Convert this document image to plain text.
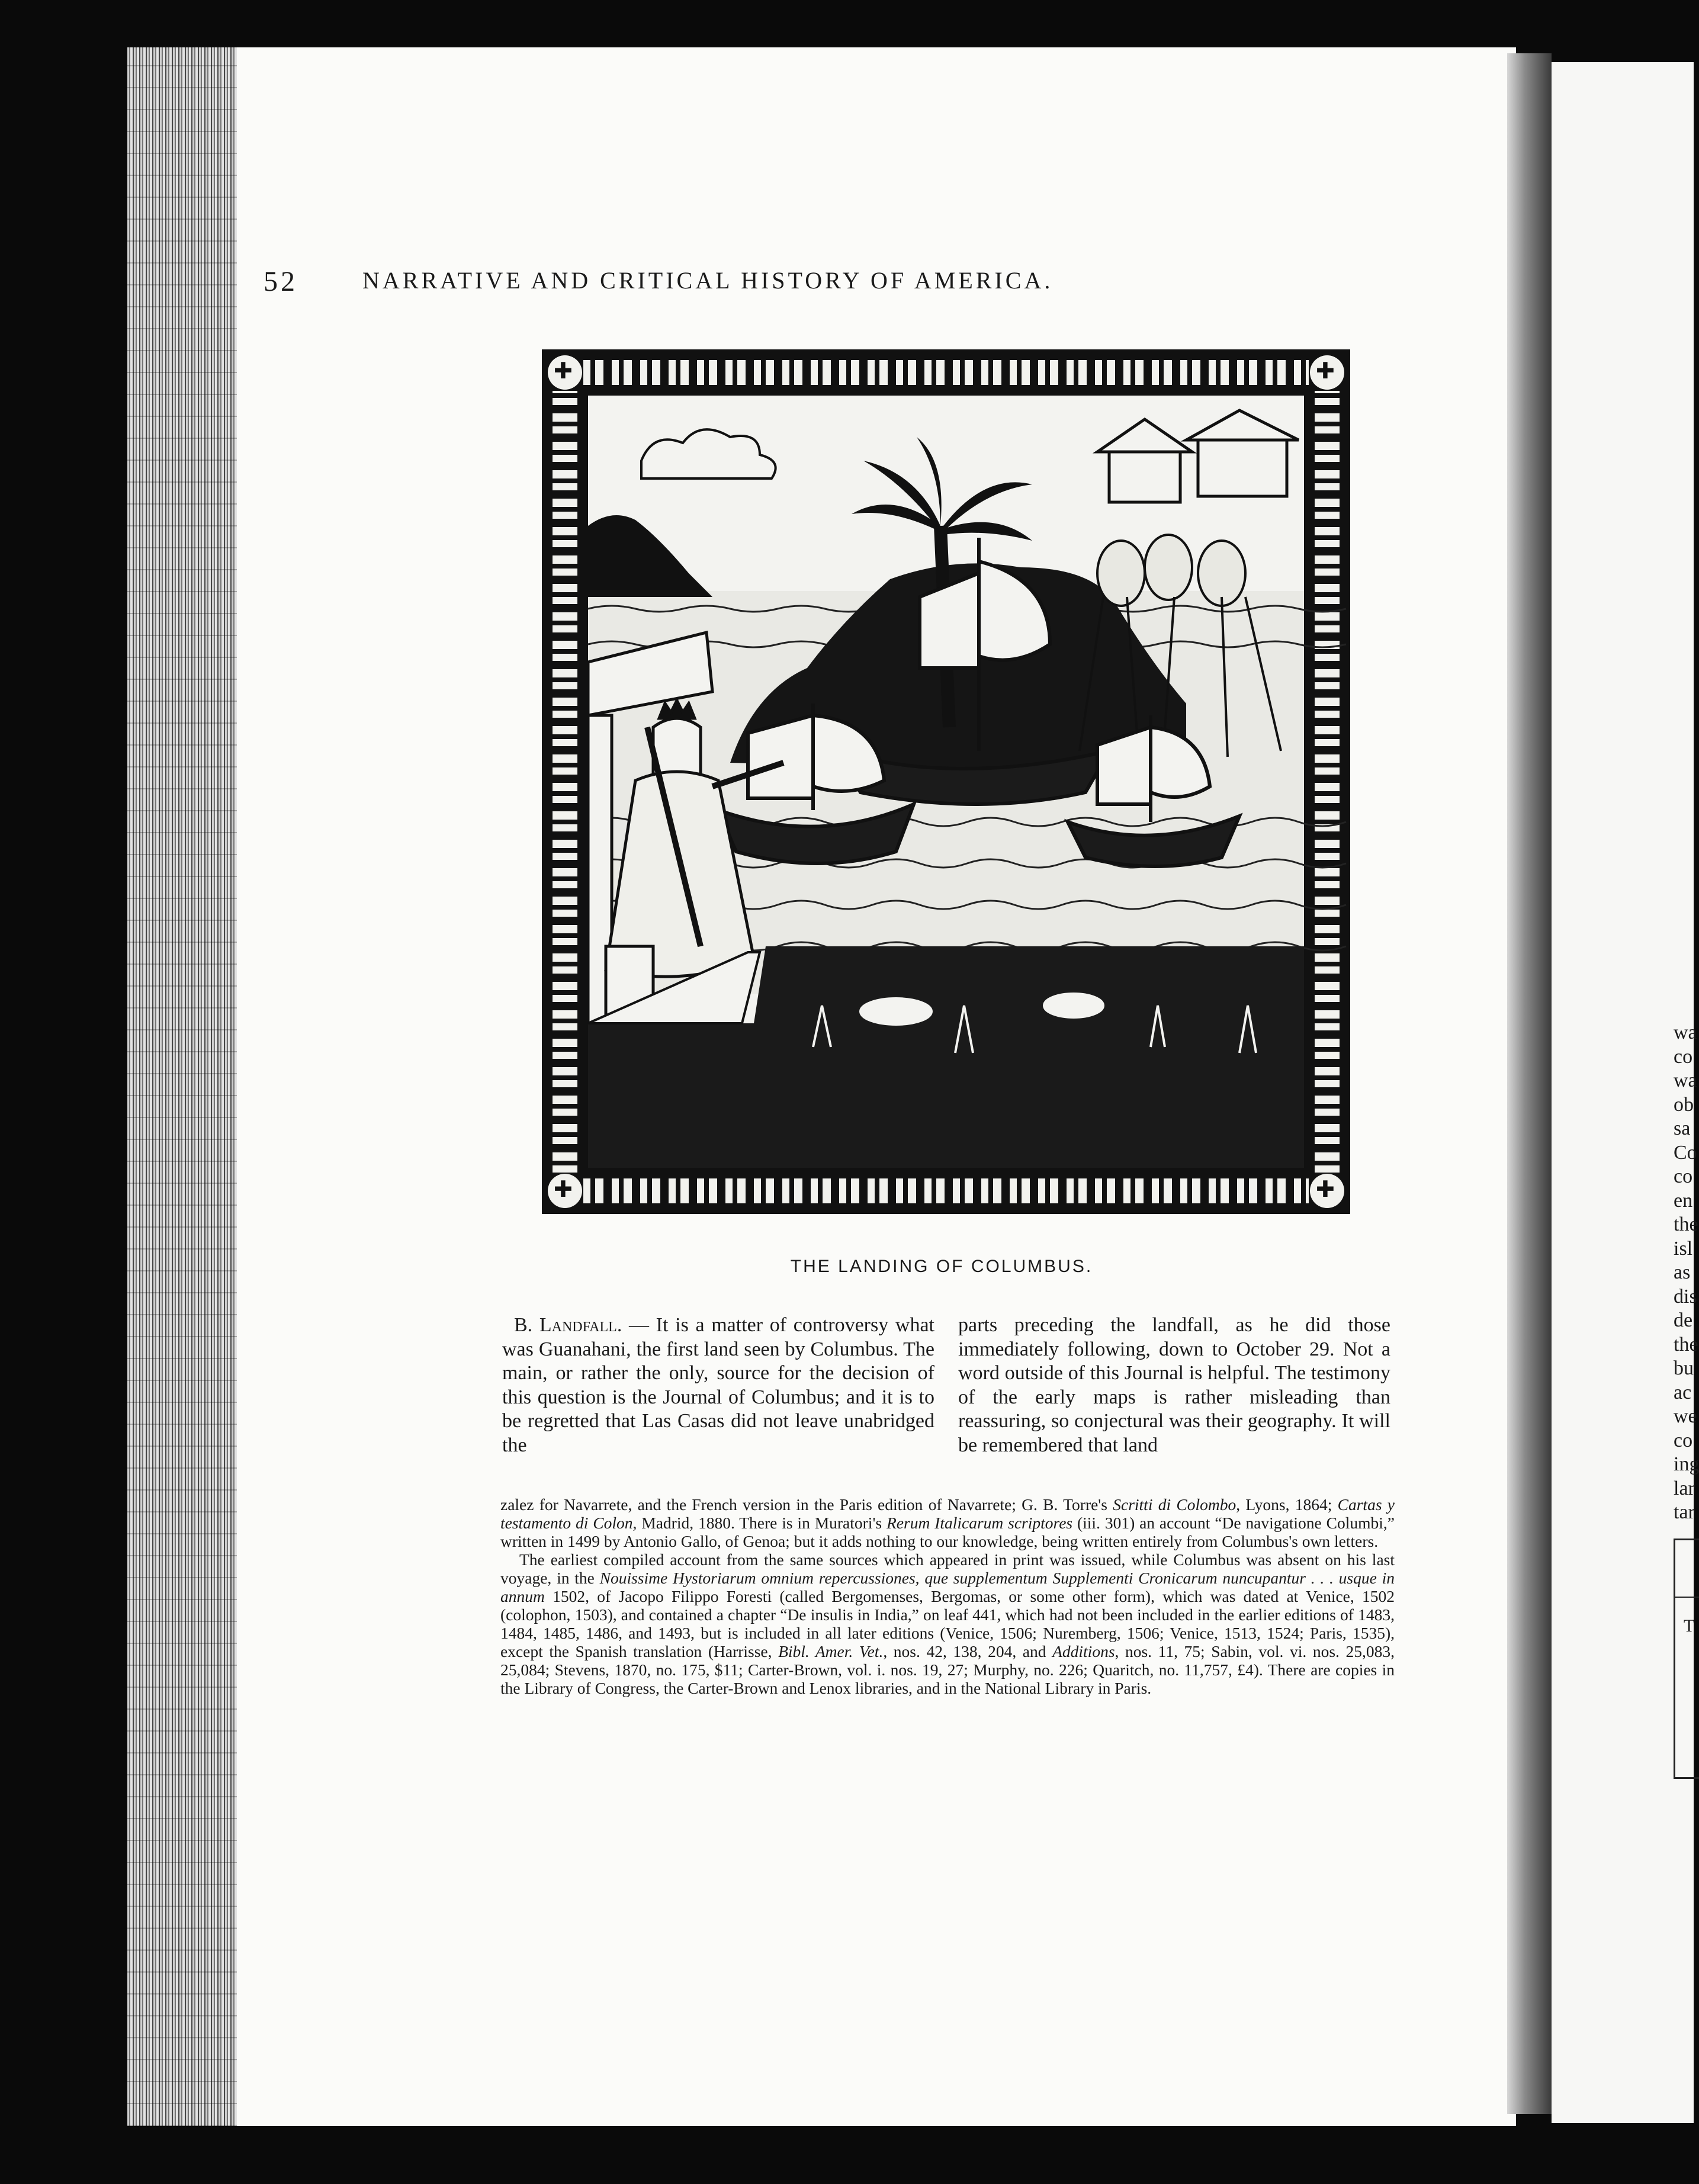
52	NARRATIVE AND CRITICAL HISTORY OF AMERICA.
✚
✚
✚
✚
THE LANDING OF COLUMBUS.

B. Landfall. — It is a matter of controversy what was Guanahani, the first land seen by Columbus. The main, or rather the only, source for the decision of this question is the Journal of Columbus; and it is to be regretted that Las Casas did not leave unabridged the

parts preceding the landfall, as he did those immediately following, down to October 29. Not a word outside of this Journal is helpful. The testimony of the early maps is rather misleading than reassuring, so conjectural was their geography. It will be remembered that land

zalez for Navarrete, and the French version in the Paris edition of Navarrete; G. B. Torre's Scritti di Colombo, Lyons, 1864; Cartas y testamento di Colon, Madrid, 1880. There is in Muratori's Rerum Italicarum scriptores (iii. 301) an account “De navigatione Columbi,” written in 1499 by Antonio Gallo, of Genoa; but it adds nothing to our knowledge, being written entirely from Columbus's own letters.

The earliest compiled account from the same sources which appeared in print was issued, while Columbus was absent on his last voyage, in the Nouissime Hystoriarum omnium repercussiones, que supplementum Supplementi Cronicarum nuncupantur . . . usque in annum 1502, of Jacopo Filippo Foresti (called Bergomenses, Bergomas, or some other form), which was dated at Venice, 1502 (colophon, 1503), and contained a chapter “De insulis in India,” on leaf 441, which had not been included in the earlier editions of 1483, 1484, 1485, 1486, and 1493, but is included in all later editions (Venice, 1506; Nuremberg, 1506; Venice, 1513, 1524; Paris, 1535), except the Spanish translation (Harrisse, Bibl. Amer. Vet., nos. 42, 138, 204, and Additions, nos. 11, 75; Sabin, vol. vi. nos. 25,083, 25,084; Stevens, 1870, no. 175, $11; Carter-Brown, vol. i. nos. 19, 27; Murphy, no. 226; Quaritch, no. 11,757, £4). There are copies in the Library of Congress, the Carter-Brown and Lenox libraries, and in the National Library in Paris.

wa
co
wa
ob
sa
Co
co
en
the
isl
as
dis
de
the
bu
ac
we
co
ing
lar
tar
T
